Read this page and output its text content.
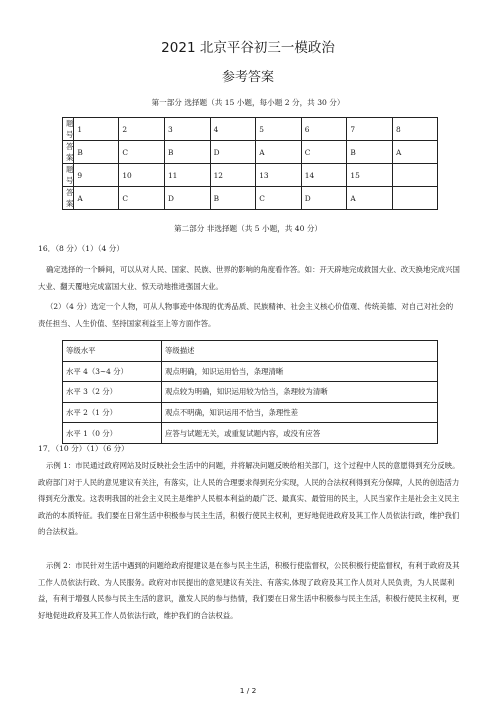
2021 北京平谷初三一模政治
参考答案
第一部分 选择题（共 15 小题，每小题 2 分，共 30 分）
题号	1	2	3	4	5	6	7	8
答案	B	C	B	D	A	C	B	A
题号	9	10	11	12	13	14	15	
答案	A	C	D	B	C	D	A	
第二部分 非选择题（共 5 小题，共 40 分）
16．（8 分）（1）（4 分）
确定选择的一个瞬间，可以从对人民、国家、民族、世界的影响的角度看作答。如：开天辟地完成救国大业、改天换地完成兴国大业、翻天覆地完成富国大业、惊天动地推进强国大业。
（2）（4 分）选定一个人物，可从人物事迹中体现的优秀品质、民族精神、社会主义核心价值观、传统美德、对自己对社会的责任担当、人生价值、坚持国家利益至上等方面作答。
等级水平	等级描述
水平 4（3~4 分）	观点明确，知识运用恰当，条理清晰
水平 3（2 分）	观点较为明确，知识运用较为恰当，条理较为清晰
水平 2（1 分）	观点不明确，知识运用不恰当，条理性差
水平 1（0 分）	应答与试题无关，或重复试题内容，或没有应答
17．（10 分）（1）（6 分）
示例 1：市民通过政府网站及时反映社会生活中的问题，并将解决问题反映给相关部门，这个过程中人民的意愿得到充分反映。政府部门对于人民的意见建议有关注，有落实，让人民的合理要求得到充分实现，人民的合法权利得到充分保障，人民的创造活力得到充分激发。这表明我国的社会主义民主是维护人民根本利益的最广泛、最真实、最管用的民主，人民当家作主是社会主义民主政治的本质特征。我们要在日常生活中积极参与民主生活，积极行使民主权利，更好地促进政府及其工作人员依法行政，维护我们的合法权益。
示例 2：市民针对生活中遇到的问题给政府提建议是在参与民主生活，积极行使监督权，公民积极行使监督权，有利于政府及其工作人员依法行政、为人民服务。政府对市民提出的意见建议有关注、有落实,体现了政府及其工作人员对人民负责，为人民谋利益，有利于增强人民参与民主生活的意识，激发人民的参与热情，我们要在日常生活中积极参与民主生活，积极行使民主权利，更好地促进政府及其工作人员依法行政，维护我们的合法权益。
1 / 2
